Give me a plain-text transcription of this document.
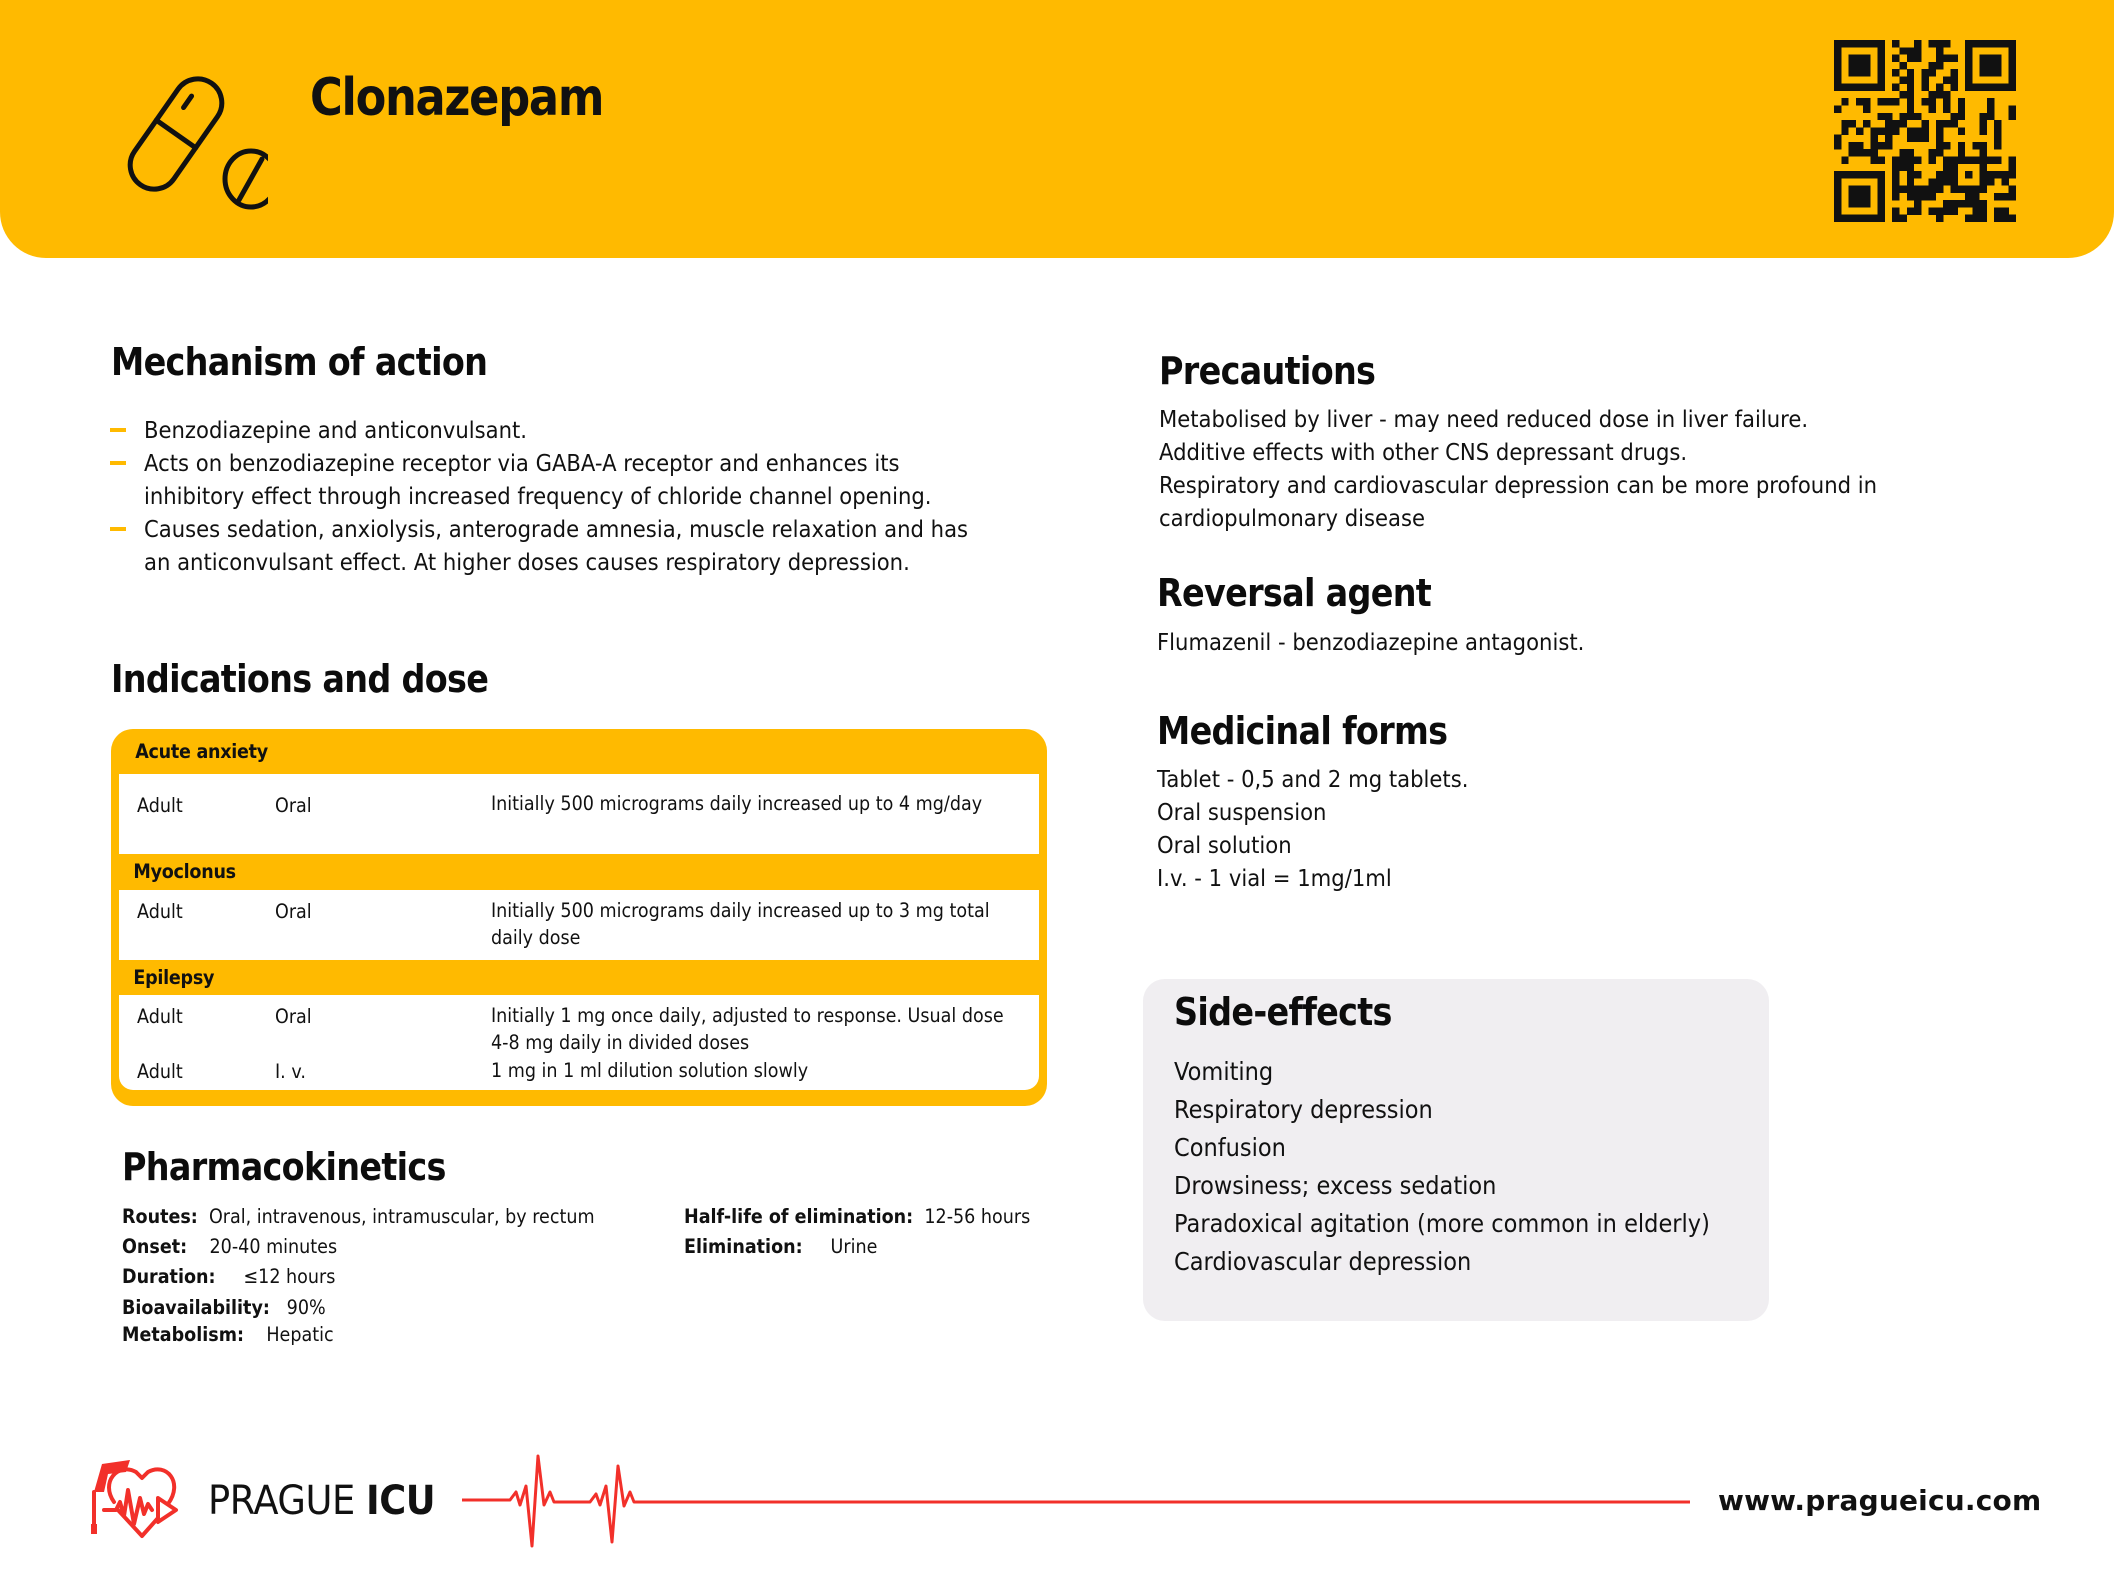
Clonazepam
Mechanism of action
Benzodiazepine and anticonvulsant.
Acts on benzodiazepine receptor via GABA-A receptor and enhances its
inhibitory effect through increased frequency of chloride channel opening.
Causes sedation, anxiolysis, anterograde amnesia, muscle relaxation and has
an anticonvulsant effect. At higher doses causes respiratory depression.
Indications and dose
Acute anxiety
Adult	Oral	Initially 500 micrograms daily increased up to 4 mg/day
Myoclonus
Adult	Oral	Initially 500 micrograms daily increased up to 3 mg total
daily dose
Epilepsy
Adult	Oral	Initially 1 mg once daily, adjusted to response. Usual dose
4-8 mg daily in divided doses
Adult	I. v.	1 mg in 1 ml dilution solution slowly
Pharmacokinetics
Routes: Oral, intravenous, intramuscular, by rectum
Onset: 20-40 minutes
Duration: ≤12 hours
Bioavailability: 90%
Metabolism: Hepatic
Half-life of elimination: 12-56 hours
Elimination: Urine
Precautions
Metabolised by liver - may need reduced dose in liver failure.
Additive effects with other CNS depressant drugs.
Respiratory and cardiovascular depression can be more profound in
cardiopulmonary disease
Reversal agent
Flumazenil - benzodiazepine antagonist.
Medicinal forms
Tablet - 0,5 and 2 mg tablets.
Oral suspension
Oral solution
I.v. - 1 vial = 1mg/1ml
Side-effects
Vomiting
Respiratory depression
Confusion
Drowsiness; excess sedation
Paradoxical agitation (more common in elderly)
Cardiovascular depression
PRAGUE ICU	www.pragueicu.com
